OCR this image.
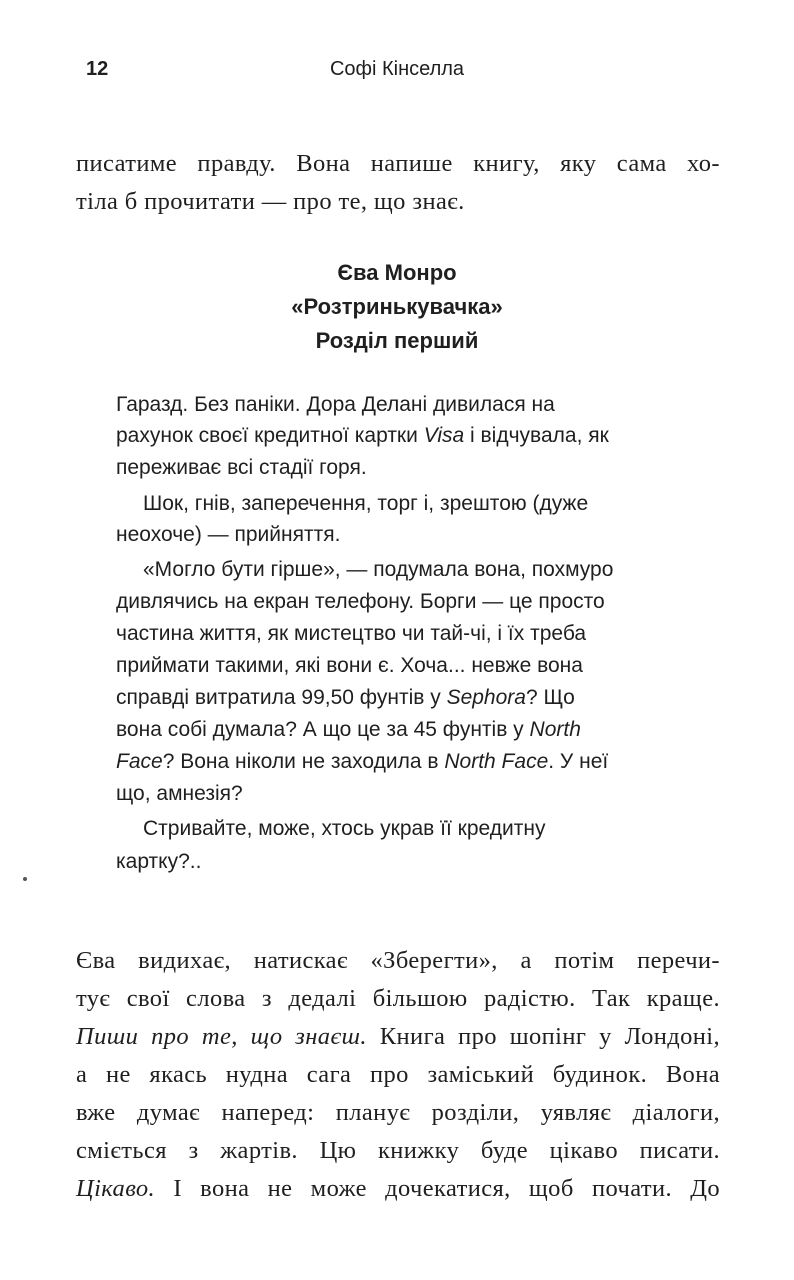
12	Софі Кінселла
писатиме правду. Вона напише книгу, яку сама хо-
тіла б прочитати — про те, що знає.
Єва Монро
«Розтринькувачка»
Розділ перший
Гаразд. Без паніки. Дора Делані дивилася на
рахунок своєї кредитної картки Visa і відчувала, як
переживає всі стадії горя.
Шок, гнів, заперечення, торг і, зрештою (дуже
неохоче) — прийняття.
«Могло бути гірше», — подумала вона, похмуро
дивлячись на екран телефону. Борги — це просто
частина життя, як мистецтво чи тай-чі, і їх треба
приймати такими, які вони є. Хоча... невже вона
справді витратила 99,50 фунтів у Sephora? Що
вона собі думала? А що це за 45 фунтів у North
Face? Вона ніколи не заходила в North Face. У неї
що, амнезія?
Стривайте, може, хтось украв її кредитну
картку?..
Єва видихає, натискає «Зберегти», а потім перечи-
тує свої слова з дедалі більшою радістю. Так краще.
Пиши про те, що знаєш. Книга про шопінг у Лондоні,
а не якась нудна сага про заміський будинок. Вона
вже думає наперед: планує розділи, уявляє діалоги,
сміється з жартів. Цю книжку буде цікаво писати.
Цікаво. І вона не може дочекатися, щоб почати. До
